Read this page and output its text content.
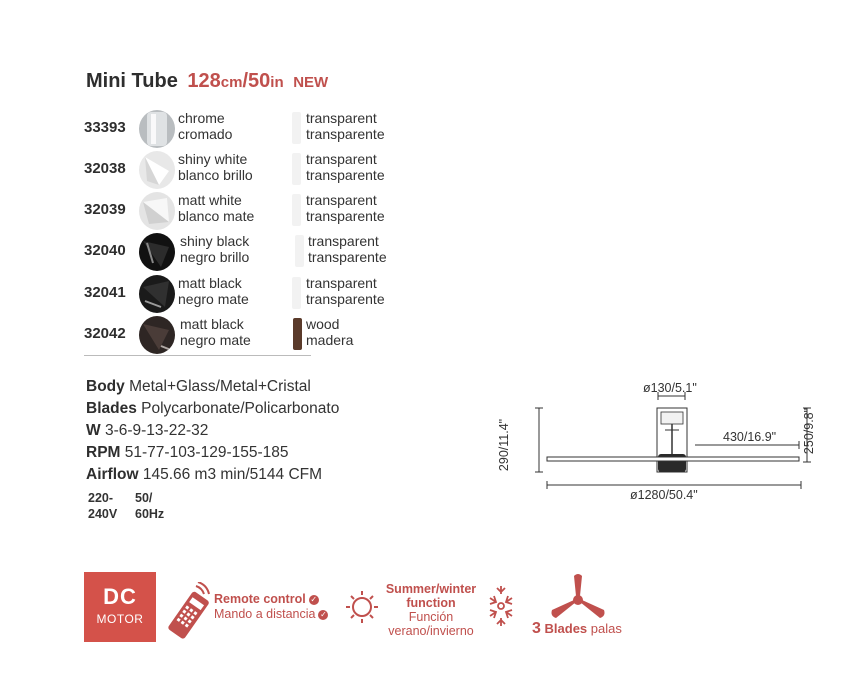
Mini Tube 128cm/50in NEW
33393
chrome
cromado
transparent
transparente
32038
shiny white
blanco brillo
transparent
transparente
32039
matt white
blanco mate
transparent
transparente
32040
shiny black
negro brillo
transparent
transparente
32041
matt black
negro mate
transparent
transparente
32042
matt black
negro mate
wood
madera
Body Metal+Glass/Metal+Cristal
Blades Polycarbonate/Policarbonato
W 3-6-9-13-22-32
RPM 51-77-103-129-155-185
Airflow 145.66 m3 min/5144 CFM
220-
240V
50/
60Hz
ø130/5.1"
430/16.9"
290/11.4"	250/9.8"
ø1280/50.4"
DC
MOTOR
Remote control ✓
Mando a distancia ✓
Summer/winter
function
Función
verano/invierno	3 Blades palas
